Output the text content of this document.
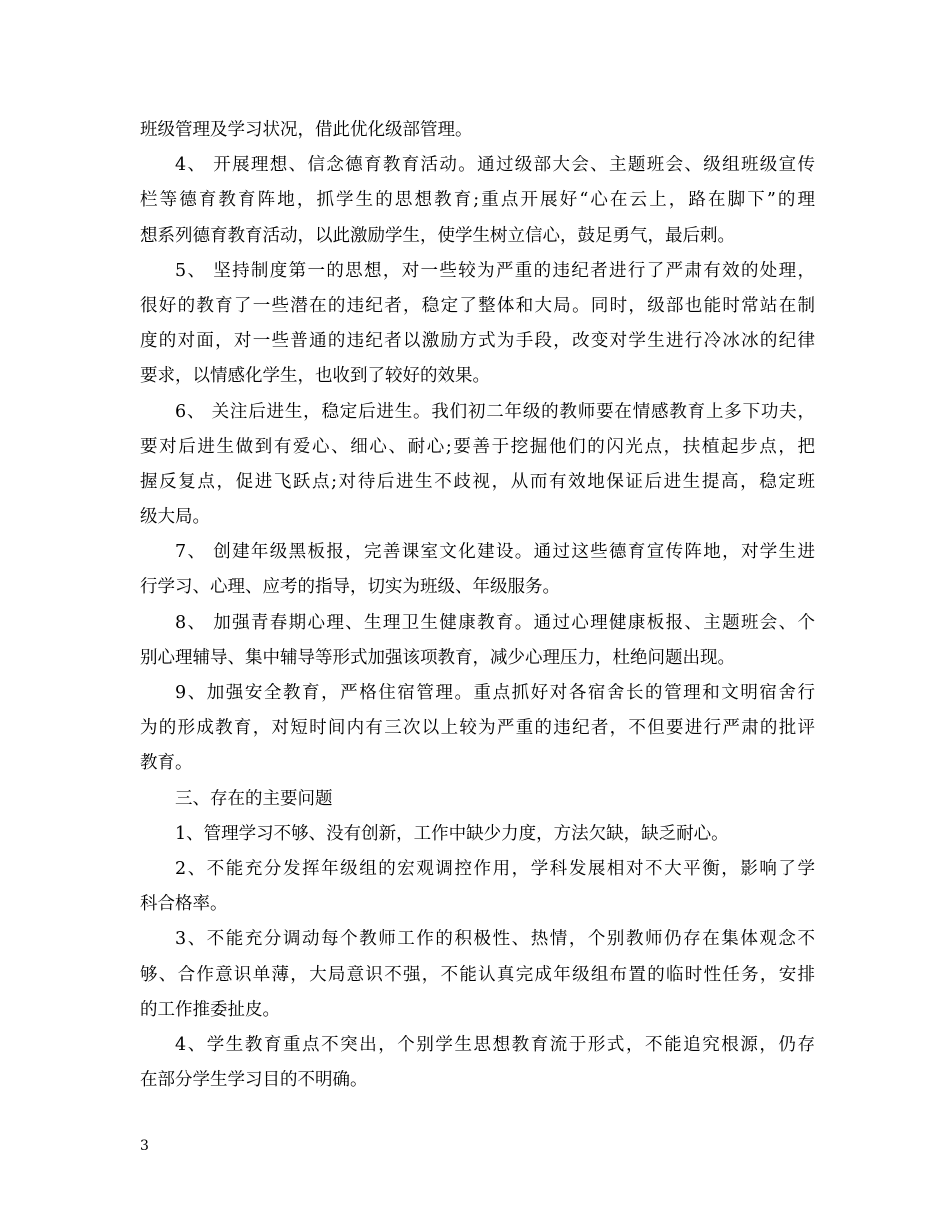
班级管理及学习状况，借此优化级部管理。
4、 开展理想、信念德育教育活动。通过级部大会、主题班会、级组班级宣传
栏等德育教育阵地，抓学生的思想教育;重点开展好“心在云上，路在脚下”的理
想系列德育教育活动，以此激励学生，使学生树立信心，鼓足勇气，最后刺。
5、 坚持制度第一的思想，对一些较为严重的违纪者进行了严肃有效的处理，
很好的教育了一些潜在的违纪者，稳定了整体和大局。同时，级部也能时常站在制
度的对面，对一些普通的违纪者以激励方式为手段，改变对学生进行冷冰冰的纪律
要求，以情感化学生，也收到了较好的效果。
6、 关注后进生，稳定后进生。我们初二年级的教师要在情感教育上多下功夫，
要对后进生做到有爱心、细心、耐心;要善于挖掘他们的闪光点，扶植起步点，把
握反复点，促进飞跃点;对待后进生不歧视，从而有效地保证后进生提高，稳定班
级大局。
7、 创建年级黑板报，完善课室文化建设。通过这些德育宣传阵地，对学生进
行学习、心理、应考的指导，切实为班级、年级服务。
8、 加强青春期心理、生理卫生健康教育。通过心理健康板报、主题班会、个
别心理辅导、集中辅导等形式加强该项教育，减少心理压力，杜绝问题出现。
9、加强安全教育，严格住宿管理。重点抓好对各宿舍长的管理和文明宿舍行
为的形成教育，对短时间内有三次以上较为严重的违纪者，不但要进行严肃的批评
教育。
三、存在的主要问题
1、管理学习不够、没有创新，工作中缺少力度，方法欠缺，缺乏耐心。
2、不能充分发挥年级组的宏观调控作用，学科发展相对不大平衡，影响了学
科合格率。
3、不能充分调动每个教师工作的积极性、热情，个别教师仍存在集体观念不
够、合作意识单薄，大局意识不强，不能认真完成年级组布置的临时性任务，安排
的工作推委扯皮。
4、学生教育重点不突出，个别学生思想教育流于形式，不能追究根源，仍存
在部分学生学习目的不明确。
3
